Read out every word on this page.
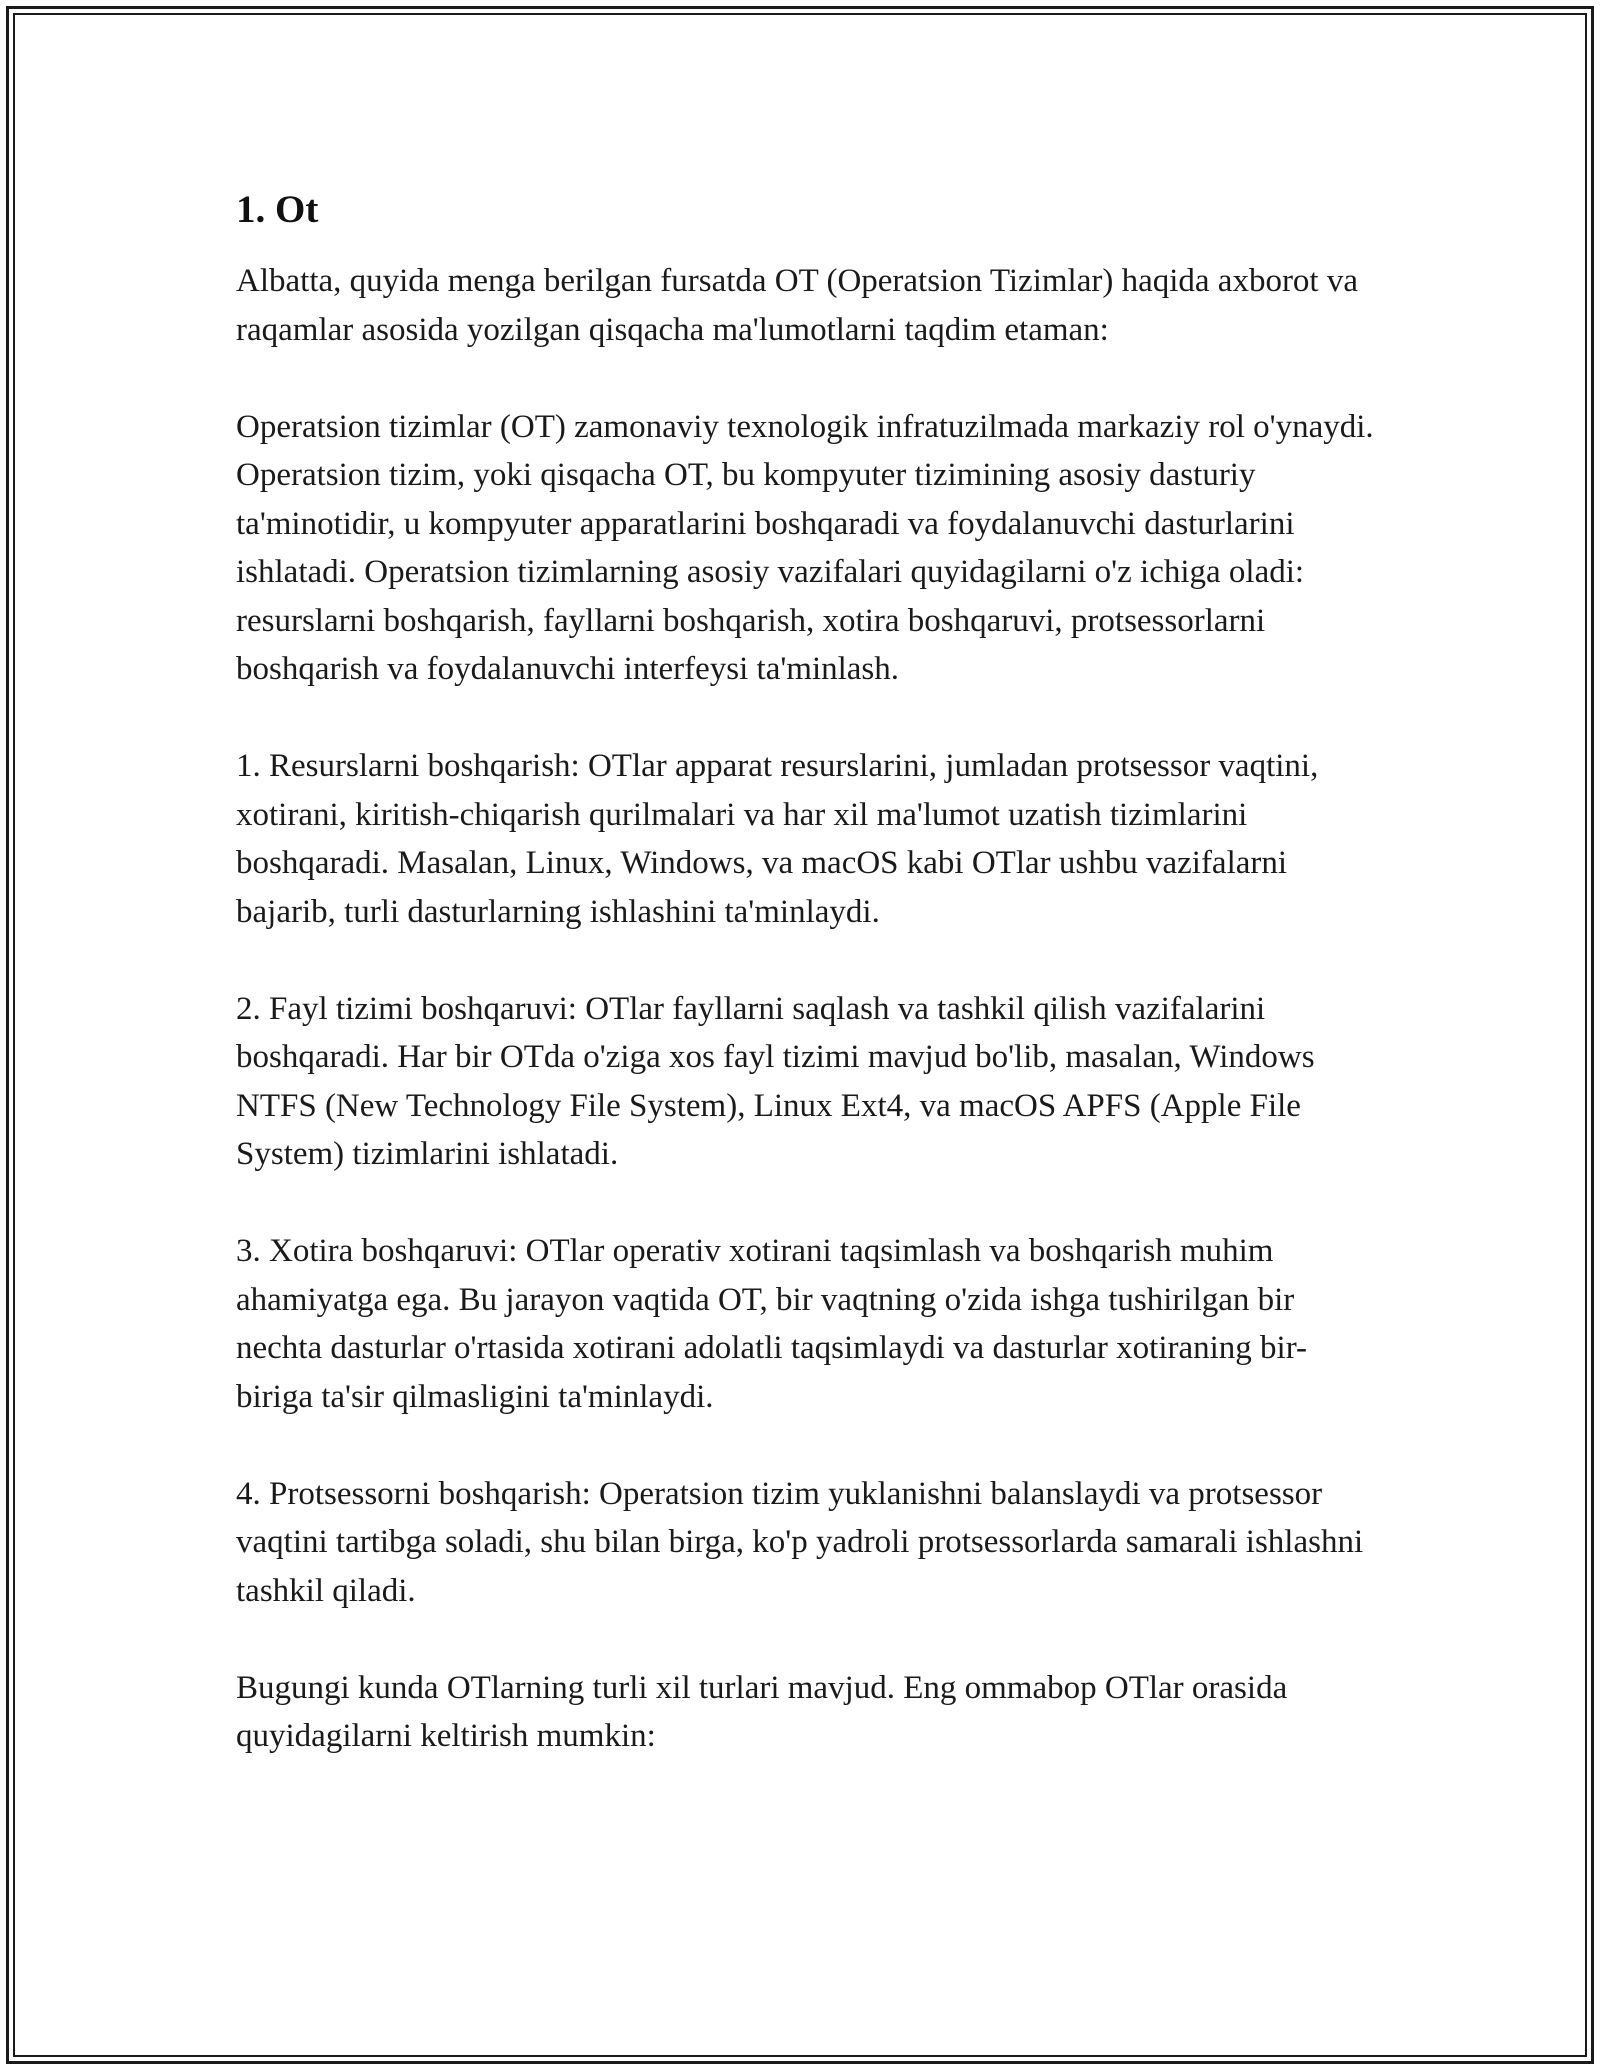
1. Ot

Albatta, quyida menga berilgan fursatda OT (Operatsion Tizimlar) haqida axborot va raqamlar asosida yozilgan qisqacha ma'lumotlarni taqdim etaman:

Operatsion tizimlar (OT) zamonaviy texnologik infratuzilmada markaziy rol o'ynaydi. Operatsion tizim, yoki qisqacha OT, bu kompyuter tizimining asosiy dasturiy ta'minotidir, u kompyuter apparatlarini boshqaradi va foydalanuvchi dasturlarini ishlatadi. Operatsion tizimlarning asosiy vazifalari quyidagilarni o'z ichiga oladi: resurslarni boshqarish, fayllarni boshqarish, xotira boshqaruvi, protsessorlarni boshqarish va foydalanuvchi interfeysi ta'minlash.

1. Resurslarni boshqarish: OTlar apparat resurslarini, jumladan protsessor vaqtini, xotirani, kiritish-chiqarish qurilmalari va har xil ma'lumot uzatish tizimlarini boshqaradi. Masalan, Linux, Windows, va macOS kabi OTlar ushbu vazifalarni bajarib, turli dasturlarning ishlashini ta'minlaydi.

2. Fayl tizimi boshqaruvi: OTlar fayllarni saqlash va tashkil qilish vazifalarini boshqaradi. Har bir OTda o'ziga xos fayl tizimi mavjud bo'lib, masalan, Windows NTFS (New Technology File System), Linux Ext4, va macOS APFS (Apple File System) tizimlarini ishlatadi.

3. Xotira boshqaruvi: OTlar operativ xotirani taqsimlash va boshqarish muhim ahamiyatga ega. Bu jarayon vaqtida OT, bir vaqtning o'zida ishga tushirilgan bir nechta dasturlar o'rtasida xotirani adolatli taqsimlaydi va dasturlar xotiraning bir-biriga ta'sir qilmasligini ta'minlaydi.

4. Protsessorni boshqarish: Operatsion tizim yuklanishni balanslaydi va protsessor vaqtini tartibga soladi, shu bilan birga, ko'p yadroli protsessorlarda samarali ishlashni tashkil qiladi.

Bugungi kunda OTlarning turli xil turlari mavjud. Eng ommabop OTlar orasida quyidagilarni keltirish mumkin:
